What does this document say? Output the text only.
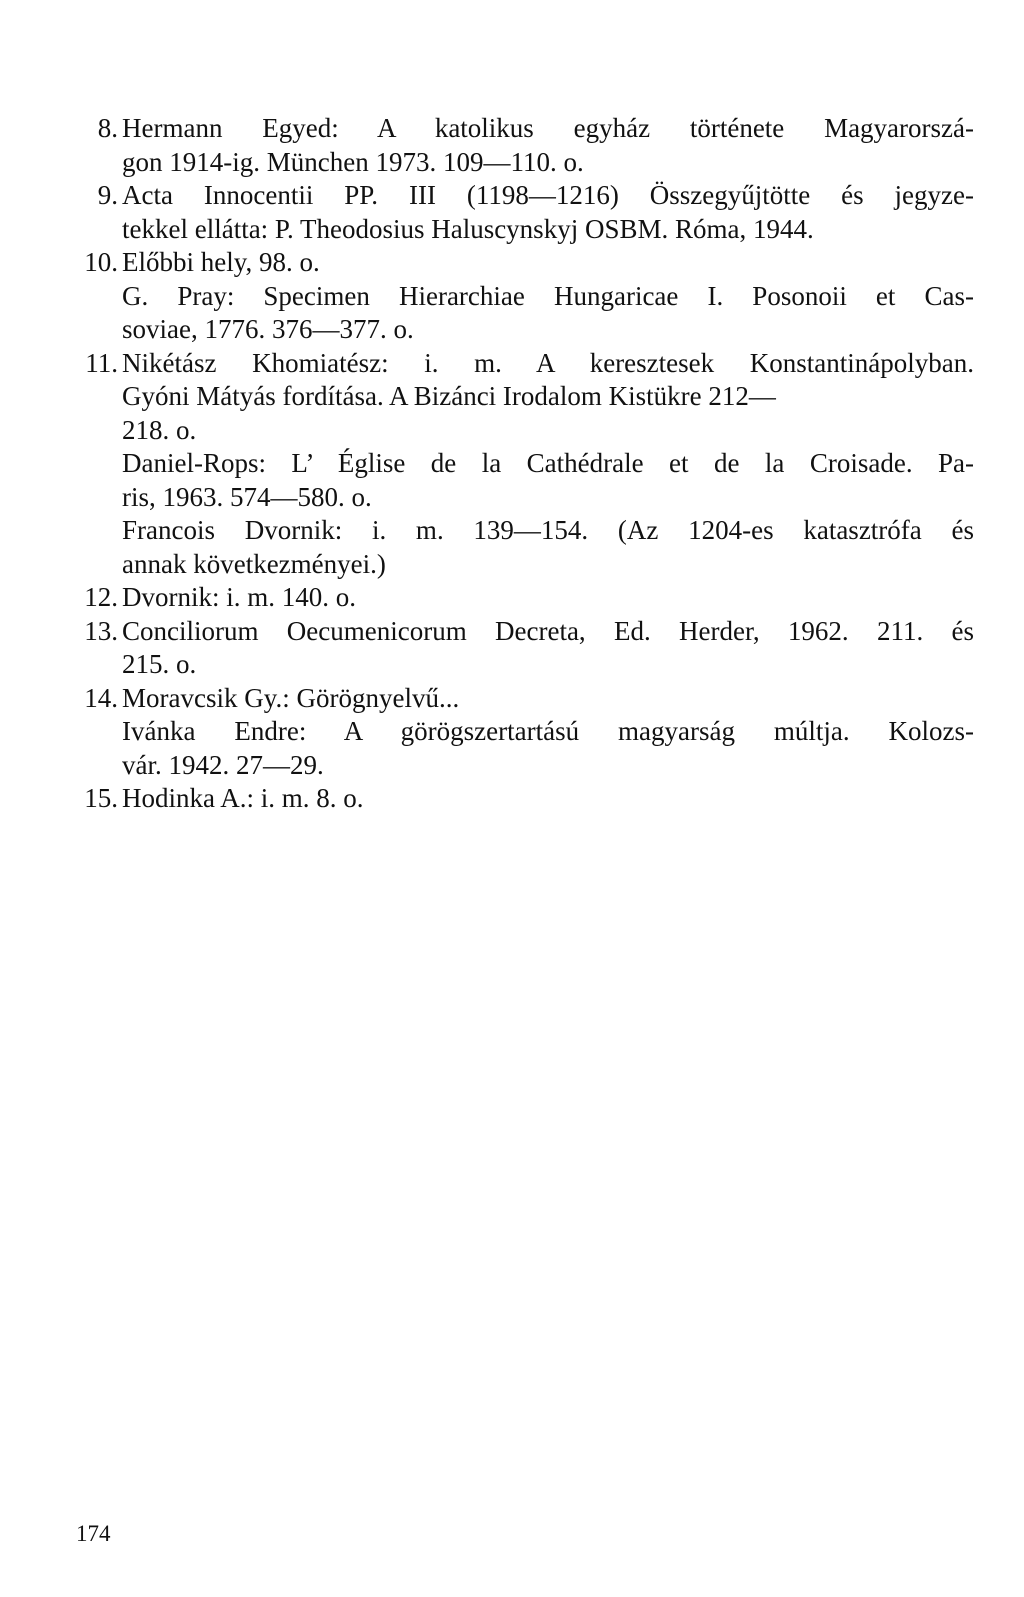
8. Hermann Egyed: A katolikus egyház története Magyarorszá-
gon 1914-ig. München 1973. 109—110. o.
9. Acta Innocentii PP. III (1198—1216) Összegyűjtötte és jegyze-
tekkel ellátta: P. Theodosius Haluscynskyj OSBM. Róma, 1944.
10. Előbbi hely, 98. o.
G. Pray: Specimen Hierarchiae Hungaricae I. Posonoii et Cas-
soviae, 1776. 376—377. o.
11. Nikétász Khomiatész: i. m. A keresztesek Konstantinápolyban.
Gyóni Mátyás fordítása. A Bizánci Irodalom Kistükre 212—
218. o.
Daniel-Rops: L’ Église de la Cathédrale et de la Croisade. Pa-
ris, 1963. 574—580. o.
Francois Dvornik: i. m. 139—154. (Az 1204-es katasztrófa és
annak következményei.)
12. Dvornik: i. m. 140. o.
13. Conciliorum Oecumenicorum Decreta, Ed. Herder, 1962. 211. és
215. o.
14. Moravcsik Gy.: Görögnyelvű...
Ivánka Endre: A görögszertartású magyarság múltja. Kolozs-
vár. 1942. 27—29.
15. Hodinka A.: i. m. 8. o.
174
